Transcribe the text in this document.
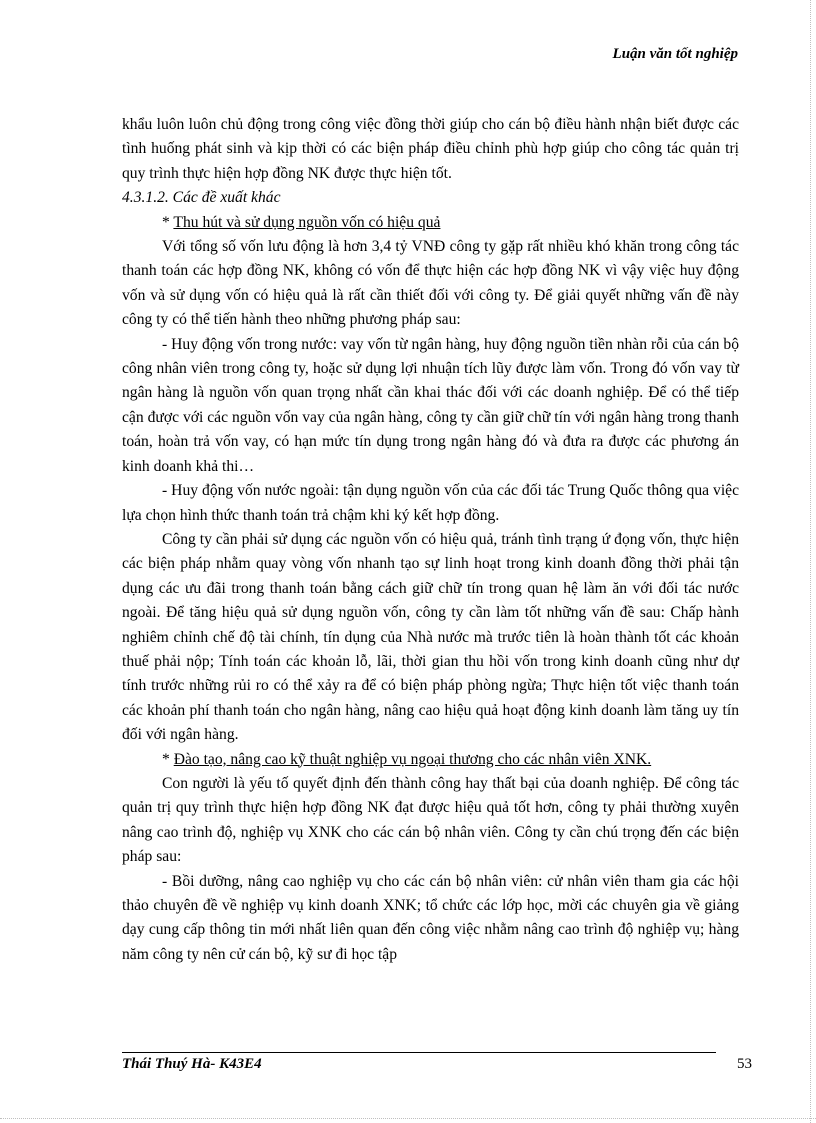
Luận văn tốt nghiệp

khẩu luôn luôn chủ động trong công việc đồng thời giúp cho cán bộ điều hành nhận biết được các tình huống phát sinh và kịp thời có các biện pháp điều chỉnh phù hợp giúp cho công tác quản trị quy trình thực hiện hợp đồng NK được thực hiện tốt.

4.3.1.2. Các đề xuất khác

* Thu hút và sử dụng nguồn vốn có hiệu quả

Với tổng số vốn lưu động là hơn 3,4 tỷ VNĐ công ty gặp rất nhiều khó khăn trong công tác thanh toán các hợp đồng NK, không có vốn để thực hiện các hợp đồng NK vì vậy việc huy động vốn và sử dụng vốn có hiệu quả là rất cần thiết đối với công ty. Để giải quyết những vấn đề này công ty có thể tiến hành theo những phương pháp sau:

- Huy động vốn trong nước: vay vốn từ ngân hàng, huy động nguồn tiền nhàn rỗi của cán bộ công nhân viên trong công ty, hoặc sử dụng lợi nhuận tích lũy được làm vốn. Trong đó vốn vay từ ngân hàng là nguồn vốn quan trọng nhất cần khai thác đối với các doanh nghiệp. Để có thể tiếp cận được với các nguồn vốn vay của ngân hàng, công ty cần giữ chữ tín với ngân hàng trong thanh toán, hoàn trả vốn vay, có hạn mức tín dụng trong ngân hàng đó và đưa ra được các phương án kinh doanh khả thi…

- Huy động vốn nước ngoài: tận dụng nguồn vốn của các đối tác Trung Quốc thông qua việc lựa chọn hình thức thanh toán trả chậm khi ký kết hợp đồng.

Công ty cần phải sử dụng các nguồn vốn có hiệu quả, tránh tình trạng ứ đọng vốn, thực hiện các biện pháp nhằm quay vòng vốn nhanh tạo sự linh hoạt trong kinh doanh đồng thời phải tận dụng các ưu đãi trong thanh toán bằng cách giữ chữ tín trong quan hệ làm ăn với đối tác nước ngoài. Để tăng hiệu quả sử dụng nguồn vốn, công ty cần làm tốt những vấn đề sau: Chấp hành nghiêm chỉnh chế độ tài chính, tín dụng của Nhà nước mà trước tiên là hoàn thành tốt các khoản thuế phải nộp; Tính toán các khoản lỗ, lãi, thời gian thu hồi vốn trong kinh doanh cũng như dự tính trước những rủi ro có thể xảy ra để có biện pháp phòng ngừa; Thực hiện tốt việc thanh toán các khoản phí thanh toán cho ngân hàng, nâng cao hiệu quả hoạt động kinh doanh làm tăng uy tín đối với ngân hàng.

* Đào tạo, nâng cao kỹ thuật nghiệp vụ ngoại thương cho các nhân viên XNK.

Con người là yếu tố quyết định đến thành công hay thất bại của doanh nghiệp. Để công tác quản trị quy trình thực hiện hợp đồng NK đạt được hiệu quả tốt hơn, công ty phải thường xuyên nâng cao trình độ, nghiệp vụ XNK cho các cán bộ nhân viên. Công ty cần chú trọng đến các biện pháp sau:

- Bồi dưỡng, nâng cao nghiệp vụ cho các cán bộ nhân viên: cử nhân viên tham gia các hội thảo chuyên đề về nghiệp vụ kinh doanh XNK; tổ chức các lớp học, mời các chuyên gia về giảng dạy cung cấp thông tin mới nhất liên quan đến công việc nhằm nâng cao trình độ nghiệp vụ; hàng năm công ty nên cử cán bộ, kỹ sư đi học tập

Thái Thuý Hà- K43E4	53
